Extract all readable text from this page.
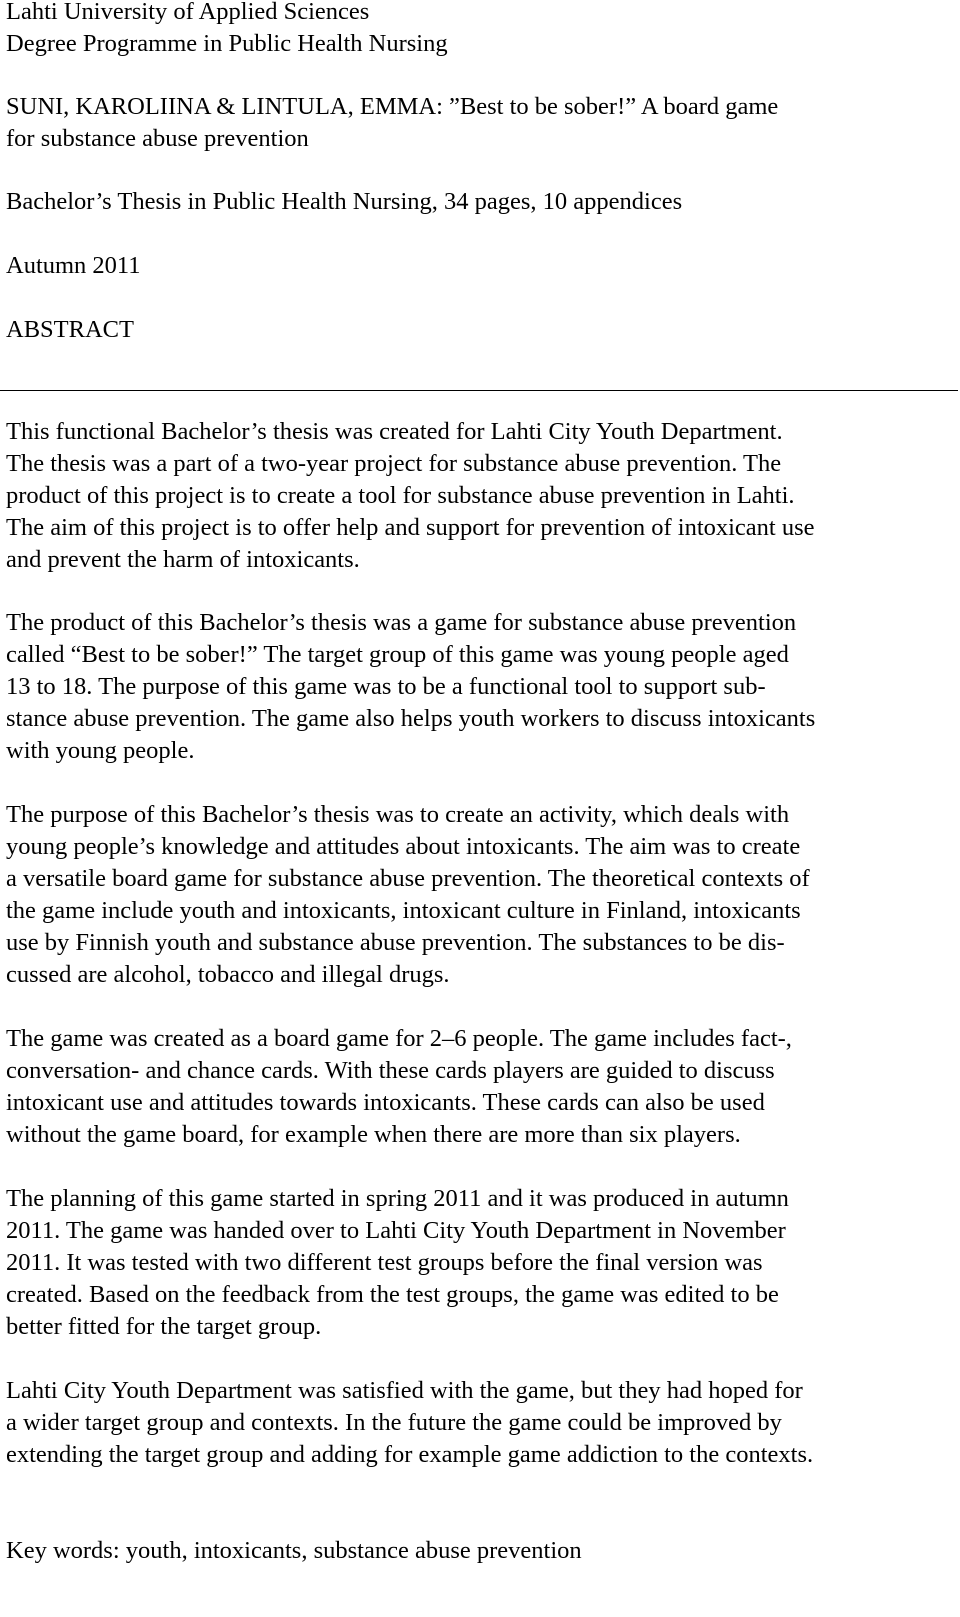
Lahti University of Applied Sciences
Degree Programme in Public Health Nursing
SUNI, KAROLIINA & LINTULA, EMMA: ”Best to be sober!” A board game
for substance abuse prevention
Bachelor’s Thesis in Public Health Nursing, 34 pages, 10 appendices
Autumn 2011
ABSTRACT
This functional Bachelor’s thesis was created for Lahti City Youth Department.
The thesis was a part of a two-year project for substance abuse prevention. The
product of this project is to create a tool for substance abuse prevention in Lahti.
The aim of this project is to offer help and support for prevention of intoxicant use
and prevent the harm of intoxicants.
The product of this Bachelor’s thesis was a game for substance abuse prevention
called “Best to be sober!” The target group of this game was young people aged
13 to 18. The purpose of this game was to be a functional tool to support sub-
stance abuse prevention. The game also helps youth workers to discuss intoxicants
with young people.
The purpose of this Bachelor’s thesis was to create an activity, which deals with
young people’s knowledge and attitudes about intoxicants. The aim was to create
a versatile board game for substance abuse prevention. The theoretical contexts of
the game include youth and intoxicants, intoxicant culture in Finland, intoxicants
use by Finnish youth and substance abuse prevention. The substances to be dis-
cussed are alcohol, tobacco and illegal drugs.
The game was created as a board game for 2–6 people. The game includes fact-,
conversation- and chance cards. With these cards players are guided to discuss
intoxicant use and attitudes towards intoxicants. These cards can also be used
without the game board, for example when there are more than six players.
The planning of this game started in spring 2011 and it was produced in autumn
2011. The game was handed over to Lahti City Youth Department in November
2011. It was tested with two different test groups before the final version was
created. Based on the feedback from the test groups, the game was edited to be
better fitted for the target group.
Lahti City Youth Department was satisfied with the game, but they had hoped for
a wider target group and contexts. In the future the game could be improved by
extending the target group and adding for example game addiction to the contexts.
Key words: youth, intoxicants, substance abuse prevention
